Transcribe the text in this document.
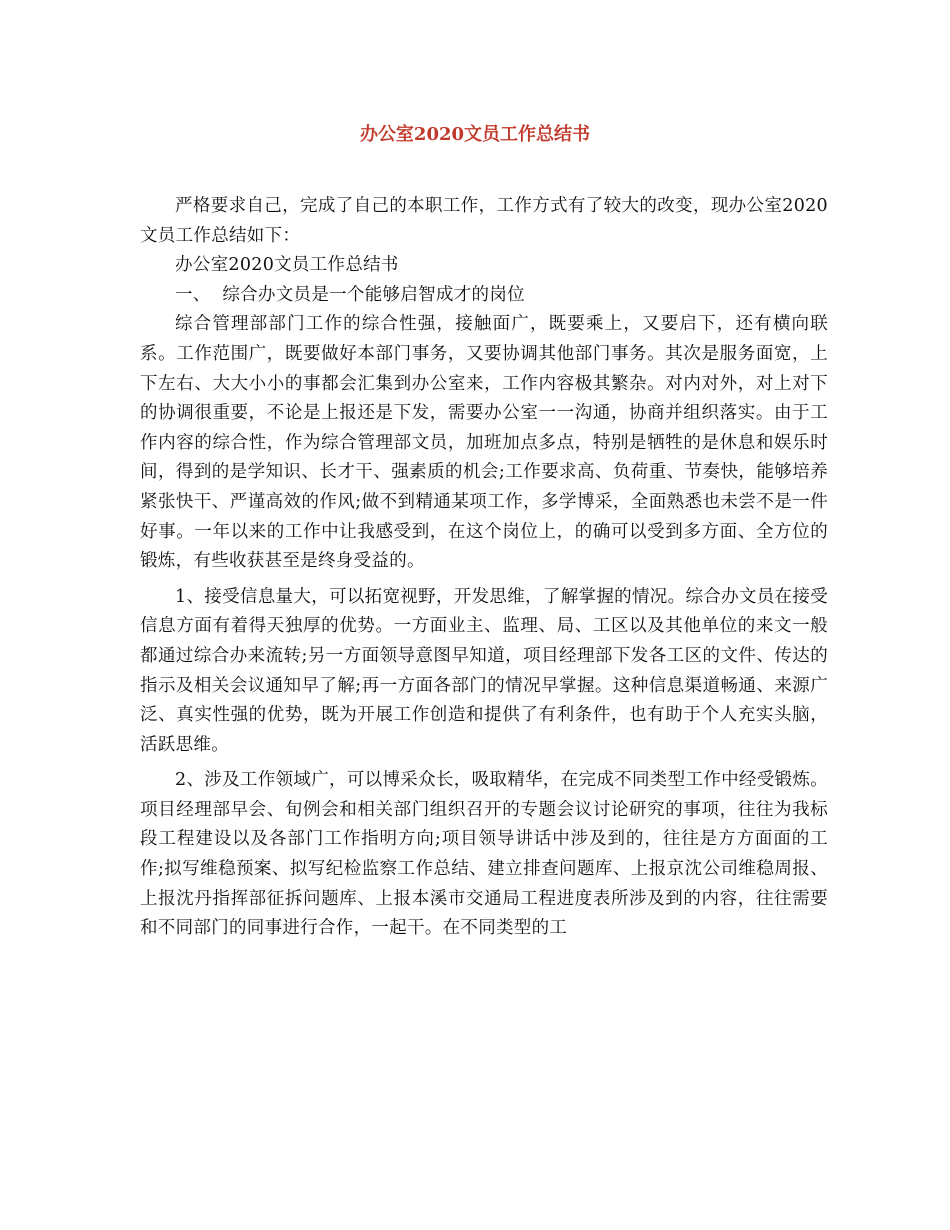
办公室2020文员工作总结书

严格要求自己，完成了自己的本职工作，工作方式有了较大的改变，现办公室2020文员工作总结如下：

办公室2020文员工作总结书

一、  综合办文员是一个能够启智成才的岗位

综合管理部部门工作的综合性强，接触面广，既要乘上，又要启下，还有横向联系。工作范围广，既要做好本部门事务，又要协调其他部门事务。其次是服务面宽，上下左右、大大小小的事都会汇集到办公室来，工作内容极其繁杂。对内对外，对上对下的协调很重要，不论是上报还是下发，需要办公室一一沟通，协商并组织落实。由于工作内容的综合性，作为综合管理部文员，加班加点多点，特别是牺牲的是休息和娱乐时间，得到的是学知识、长才干、强素质的机会;工作要求高、负荷重、节奏快，能够培养紧张快干、严谨高效的作风;做不到精通某项工作，多学博采，全面熟悉也未尝不是一件好事。一年以来的工作中让我感受到，在这个岗位上，的确可以受到多方面、全方位的锻炼，有些收获甚至是终身受益的。

1、接受信息量大，可以拓宽视野，开发思维，了解掌握的情况。综合办文员在接受信息方面有着得天独厚的优势。一方面业主、监理、局、工区以及其他单位的来文一般都通过综合办来流转;另一方面领导意图早知道，项目经理部下发各工区的文件、传达的指示及相关会议通知早了解;再一方面各部门的情况早掌握。这种信息渠道畅通、来源广泛、真实性强的优势，既为开展工作创造和提供了有利条件，也有助于个人充实头脑，活跃思维。

2、涉及工作领域广，可以博采众长，吸取精华，在完成不同类型工作中经受锻炼。项目经理部早会、旬例会和相关部门组织召开的专题会议讨论研究的事项，往往为我标段工程建设以及各部门工作指明方向;项目领导讲话中涉及到的，往往是方方面面的工作;拟写维稳预案、拟写纪检监察工作总结、建立排查问题库、上报京沈公司维稳周报、上报沈丹指挥部征拆问题库、上报本溪市交通局工程进度表所涉及到的内容，往往需要和不同部门的同事进行合作，一起干。在不同类型的工
